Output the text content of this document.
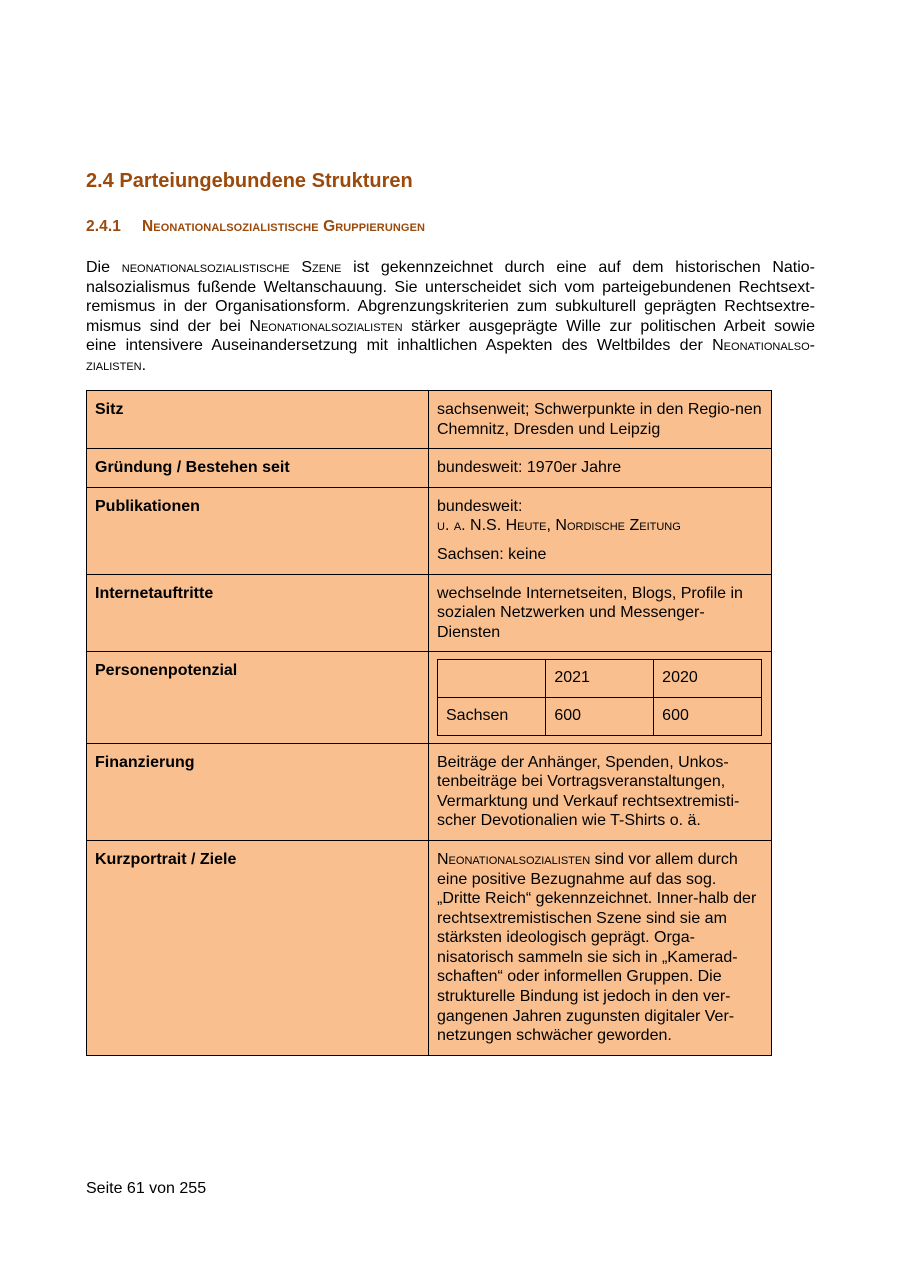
2.4 Parteiungebundene Strukturen
2.4.1 Neonationalsozialistische Gruppierungen

Die neonationalsozialistische Szene ist gekennzeichnet durch eine auf dem historischen Natio-
nalsozialismus fußende Weltanschauung. Sie unterscheidet sich vom parteigebundenen Rechtsext-
remismus in der Organisationsform. Abgrenzungskriterien zum subkulturell geprägten Rechtsextre-
mismus sind der bei Neonationalsozialisten stärker ausgeprägte Wille zur politischen Arbeit sowie
eine intensivere Auseinandersetzung mit inhaltlichen Aspekten des Weltbildes der Neonationalso-
zialisten.

Sitz	sachsenweit; Schwerpunkte in den Regio-nen Chemnitz, Dresden und Leipzig
Gründung / Bestehen seit	bundesweit: 1970er Jahre
Publikationen	bundesweit:
u. a. N.S. Heute, Nordische Zeitung
Sachsen: keine

Internetauftritte	wechselnde Internetseiten, Blogs, Profile in sozialen Netzwerken und Messenger-Diensten
Personenpotenzial	
		2021	2020
Sachsen	600	600

Finanzierung	Beiträge der Anhänger, Spenden, Unkos-tenbeiträge bei Vortragsveranstaltungen, Vermarktung und Verkauf rechtsextremisti-scher Devotionalien wie T-Shirts o. ä.
Kurzportrait / Ziele	Neonationalsozialisten sind vor allem durch eine positive Bezugnahme auf das sog. „Dritte Reich“ gekennzeichnet. Inner-halb der rechtsextremistischen Szene sind sie am stärksten ideologisch geprägt. Orga-nisatorisch sammeln sie sich in „Kamerad-schaften“ oder informellen Gruppen. Die strukturelle Bindung ist jedoch in den ver-gangenen Jahren zugunsten digitaler Ver-netzungen schwächer geworden.

Seite 61 von 255
